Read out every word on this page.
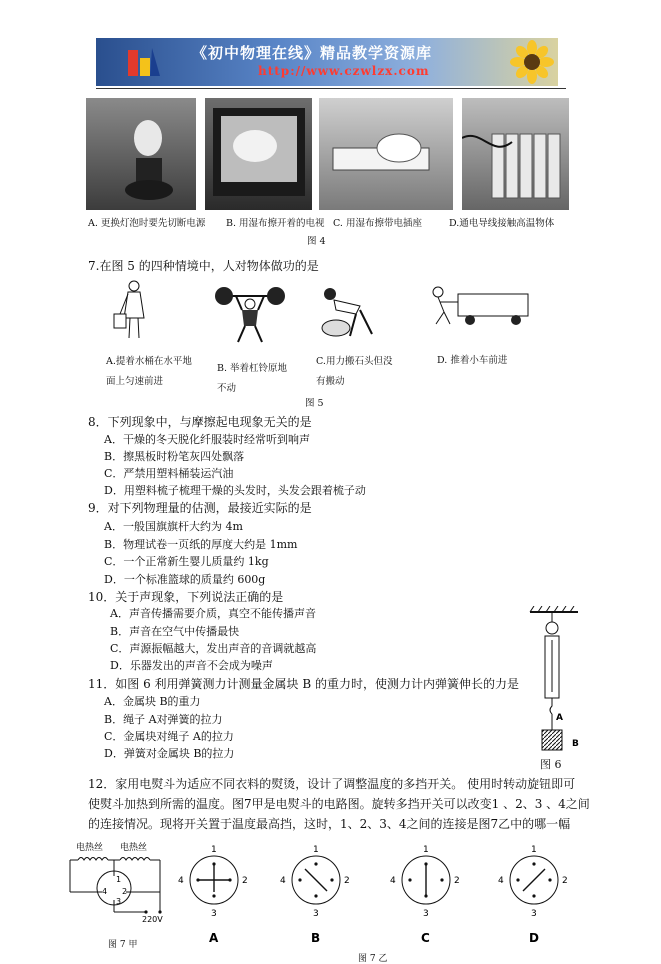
《初中物理在线》精品教学资源库
http://www.czwlzx.com
A. 更换灯泡时要先切断电源 B. 用湿布擦开着的电视 C. 用湿布擦带电插座	D.通电导线接触高温物体
图 4
7.在图 5 的四种情境中，人对物体做功的是
A.提着水桶在水平地
面上匀速前进
B. 举着杠铃原地
不动
C.用力搬石头但没
有搬动
D. 推着小车前进
图 5
8．下列现象中，与摩擦起电现象无关的是
A．干燥的冬天脱化纤服装时经常听到响声
B．擦黑板时粉笔灰四处飘落
C．严禁用塑料桶装运汽油
D．用塑料梳子梳理干燥的头发时，头发会跟着梳子动
9．对下列物理量的估测，最接近实际的是
A．一般国旗旗杆大约为 4m
B．物理试卷一页纸的厚度大约是 1mm
C．一个正常新生婴儿质量约 1kg
D．一个标准篮球的质量约 600g
10．关于声现象，下列说法正确的是
A．声音传播需要介质，真空不能传播声音
B．声音在空气中传播最快
C．声源振幅越大，发出声音的音调就越高
D．乐器发出的声音不会成为噪声
11．如图 6 利用弹簧测力计测量金属块 B 的重力时，使测力计内弹簧伸长的力是
A．金属块 B的重力
B．绳子 A对弹簧的拉力
C．金属块对绳子 A的拉力
D．弹簧对金属块 B的拉力
A
B
图 6
12．家用电熨斗为适应不同衣料的熨烫，设计了调整温度的多挡开关。 使用时转动旋钮即可
使熨斗加热到所需的温度。图7甲是电熨斗的电路图。旋转多挡开关可以改变1 、2、3 、4之间
的连接情况。现将开关置于温度最高挡，这时，1、2、3、4之间的连接是图7乙中的哪一幅
电热丝 电热丝
1
2
3
4
220V
图 7 甲
1
2
3
4
A
1
2
3
4
B
1
2
3
4
C
1
2
3
4
D
图 7 乙
